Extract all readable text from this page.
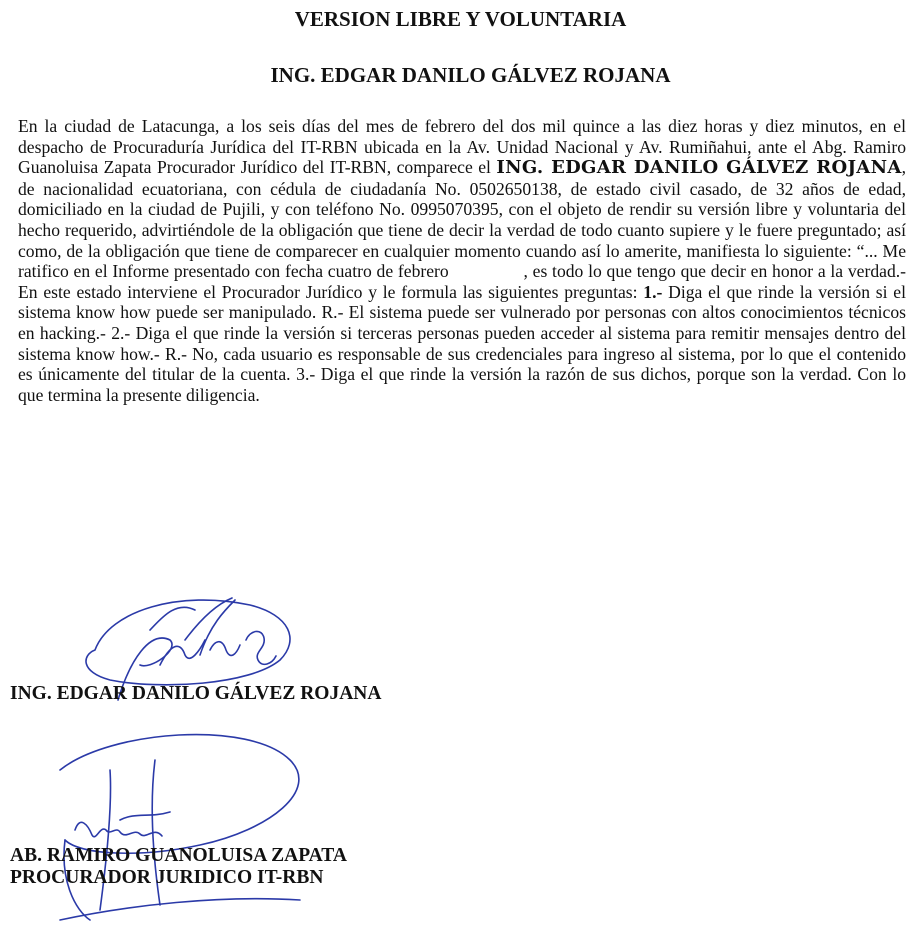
VERSION LIBRE Y VOLUNTARIA
ING. EDGAR DANILO GÁLVEZ ROJANA

En la ciudad de Latacunga, a los seis días del mes de febrero del dos mil quince a las diez horas y diez minutos, en el despacho de Procuraduría Jurídica del IT-RBN ubicada en la Av. Unidad Nacional y Av. Rumiñahui, ante el Abg. Ramiro Guanoluisa Zapata Procurador Jurídico del IT-RBN, comparece el ING. EDGAR DANILO GÁLVEZ ROJANA, de nacionalidad ecuatoriana, con cédula de ciudadanía No. 0502650138, de estado civil casado, de 32 años de edad, domiciliado en la ciudad de Pujili, y con teléfono No. 0995070395, con el objeto de rendir su versión libre y voluntaria del hecho requerido, advirtiéndole de la obligación que tiene de decir la verdad de todo cuanto supiere y le fuere preguntado; así como, de la obligación que tiene de comparecer en cualquier momento cuando así lo amerite, manifiesta lo siguiente: “... Me ratifico en el Informe presentado con fecha cuatro de febrero	, es todo lo que tengo que decir en honor a la verdad.- En este estado interviene el Procurador Jurídico y le formula las siguientes preguntas: 1.- Diga el que rinde la versión si el sistema know how puede ser manipulado. R.- El sistema puede ser vulnerado por personas con altos conocimientos técnicos en hacking.- 2.- Diga el que rinde la versión si terceras personas pueden acceder al sistema para remitir mensajes dentro del sistema know how.- R.- No, cada usuario es responsable de sus credenciales para ingreso al sistema, por lo que el contenido es únicamente del titular de la cuenta. 3.- Diga el que rinde la versión la razón de sus dichos, porque son la verdad. Con lo que termina la presente diligencia.

ING. EDGAR DANILO GÁLVEZ ROJANA
AB. RAMIRO GUANOLUISA ZAPATA
PROCURADOR JURIDICO IT-RBN
